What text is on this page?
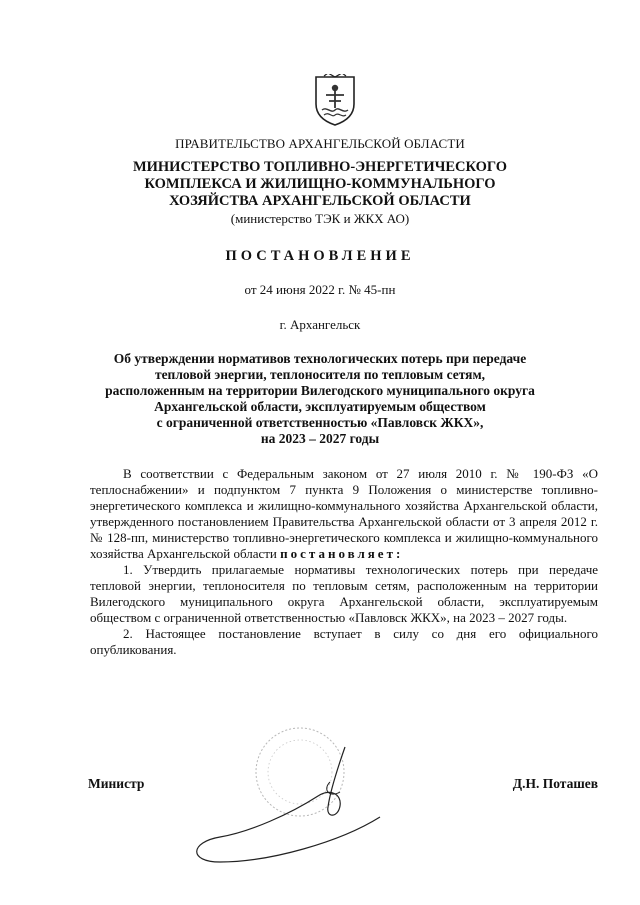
ПРАВИТЕЛЬСТВО АРХАНГЕЛЬСКОЙ ОБЛАСТИ
МИНИСТЕРСТВО ТОПЛИВНО-ЭНЕРГЕТИЧЕСКОГО
КОМПЛЕКСА И ЖИЛИЩНО-КОММУНАЛЬНОГО
ХОЗЯЙСТВА АРХАНГЕЛЬСКОЙ ОБЛАСТИ
(министерство ТЭК и ЖКХ АО)
ПОСТАНОВЛЕНИЕ
от 24 июня 2022 г. № 45-пн
г. Архангельск
Об утверждении нормативов технологических потерь при передаче
тепловой энергии, теплоносителя по тепловым сетям,
расположенным на территории Вилегодского муниципального округа
Архангельской области, эксплуатируемым обществом
с ограниченной ответственностью «Павловск ЖКХ»,
на 2023 – 2027 годы

В соответствии с Федеральным законом от 27 июля 2010 г. № 190-ФЗ «О теплоснабжении» и подпунктом 7 пункта 9 Положения о министерстве топливно-энергетического комплекса и жилищно-коммунального хозяйства Архангельской области, утвержденного постановлением Правительства Архангельской области от 3 апреля 2012 г. № 128-пп, министерство топливно-энергетического комплекса и жилищно-коммунального хозяйства Архангельской области постановляет:

1. Утвердить прилагаемые нормативы технологических потерь при передаче тепловой энергии, теплоносителя по тепловым сетям, расположенным на территории Вилегодского муниципального округа Архангельской области, эксплуатируемым обществом с ограниченной ответственностью «Павловск ЖКХ», на 2023 – 2027 годы.

2. Настоящее постановление вступает в силу со дня его официального опубликования.

Министр	Д.Н. Поташев
